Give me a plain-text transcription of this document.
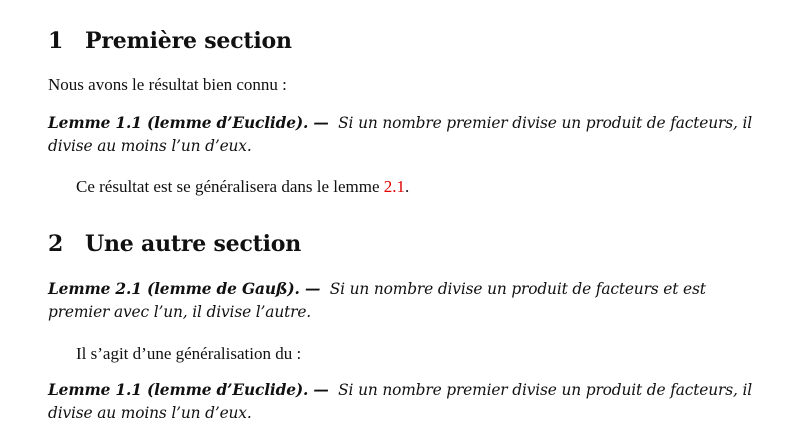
1 Première section

Nous avons le résultat bien connu :

Lemme 1.1 (lemme d’Euclide). — Si un nombre premier divise un produit de facteurs, il divise au moins l’un d’eux.

Ce résultat est se généralisera dans le lemme 2.1.

2 Une autre section

Lemme 2.1 (lemme de Gauß). — Si un nombre divise un produit de facteurs et est premier avec l’un, il divise l’autre.

Il s’agit d’une généralisation du :

Lemme 1.1 (lemme d’Euclide). — Si un nombre premier divise un produit de facteurs, il divise au moins l’un d’eux.
